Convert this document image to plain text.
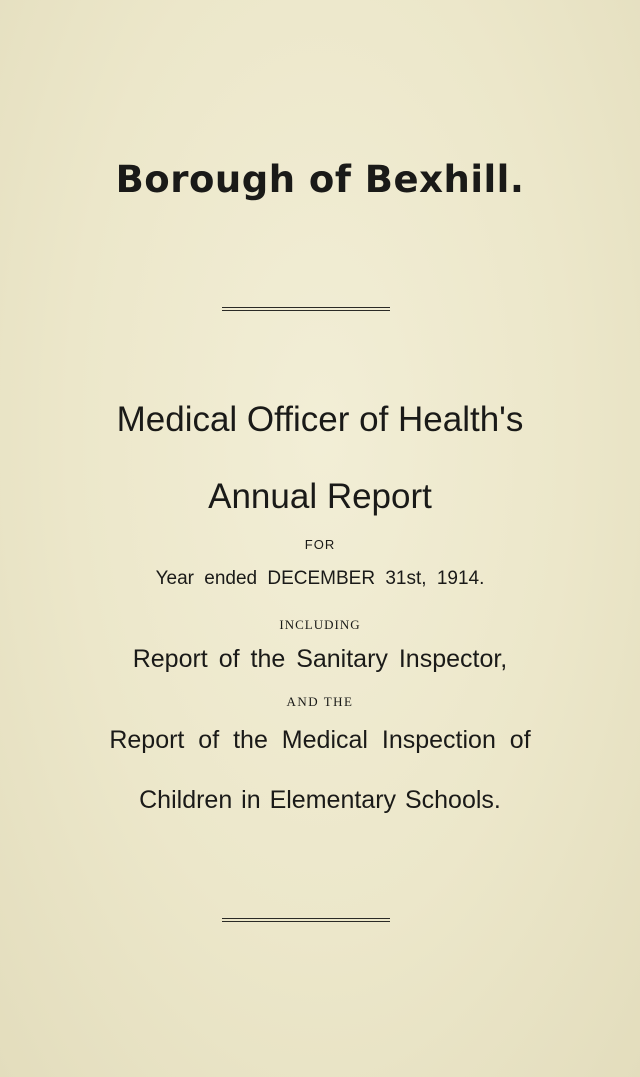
Borough of Bexhill.
Medical Officer of Health's
Annual Report
FOR
Year ended DECEMBER 31st, 1914.
INCLUDING
Report of the Sanitary Inspector,
AND THE
Report of the Medical Inspection of
Children in Elementary Schools.
